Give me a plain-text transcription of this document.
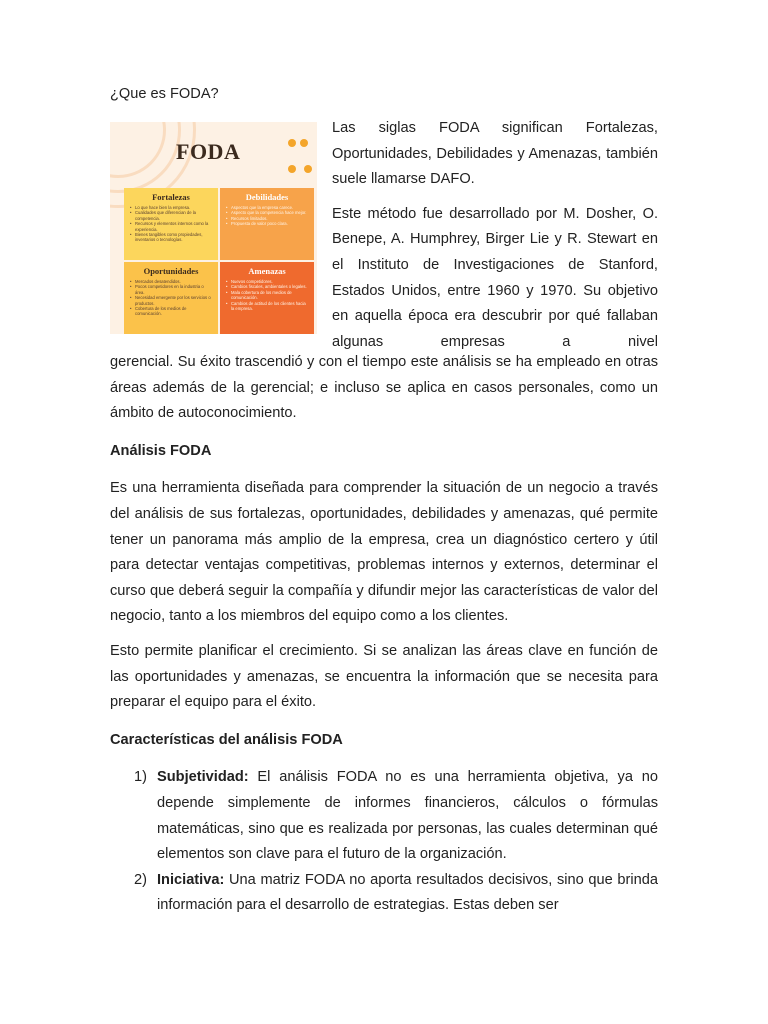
¿Que es FODA?
FODA

Fortalezas
• Lo que hace bien la empresa.
• Cualidades que diferencian de la competencia.
• Recursos y elementos internos como la experiencia.
• Bienes tangibles como propiedades, inventarios o tecnologías.
Debilidades
• Aspectos que la empresa carece.
• Aspecto que la competencia hace mejor.
• Recursos limitados.
• Propuesta de valor poco clara.
Oportunidades
• Mercados desatendidos.
• Pocos competidores en la industria o área.
• Necesidad emergente por los servicios o productos.
• Cobertura de los medios de comunicación.
Amenazas
• Nuevos competidores.
• Cambios fiscales, ambientales o legales.
• Mala cobertura de los medios de comunicación.
• Cambios de actitud de los clientes hacia la empresa.

Las siglas FODA significan Fortalezas, Oportunidades, Debilidades y Amenazas, también suele llamarse DAFO.

Este método fue desarrollado por M. Dosher, O. Benepe, A. Humphrey, Birger Lie y R. Stewart en el Instituto de Investigaciones de Stanford, Estados Unidos, entre 1960 y 1970. Su objetivo en aquella época era descubrir por qué fallaban algunas empresas a nivel

gerencial. Su éxito trascendió y con el tiempo este análisis se ha empleado en otras áreas además de la gerencial; e incluso se aplica en casos personales, como un ámbito de autoconocimiento.

Análisis FODA

Es una herramienta diseñada para comprender la situación de un negocio a través del análisis de sus fortalezas, oportunidades, debilidades y amenazas, qué permite tener un panorama más amplio de la empresa, crea un diagnóstico certero y útil para detectar ventajas competitivas, problemas internos y externos, determinar el curso que deberá seguir la compañía y difundir mejor las características de valor del negocio, tanto a los miembros del equipo como a los clientes.

Esto permite planificar el crecimiento. Si se analizan las áreas clave en función de las oportunidades y amenazas, se encuentra la información que se necesita para preparar el equipo para el éxito.

Características del análisis FODA

1) Subjetividad: El análisis FODA no es una herramienta objetiva, ya no depende simplemente de informes financieros, cálculos o fórmulas matemáticas, sino que es realizada por personas, las cuales determinan qué elementos son clave para el futuro de la organización.
2) Iniciativa: Una matriz FODA no aporta resultados decisivos, sino que brinda información para el desarrollo de estrategias. Estas deben ser
